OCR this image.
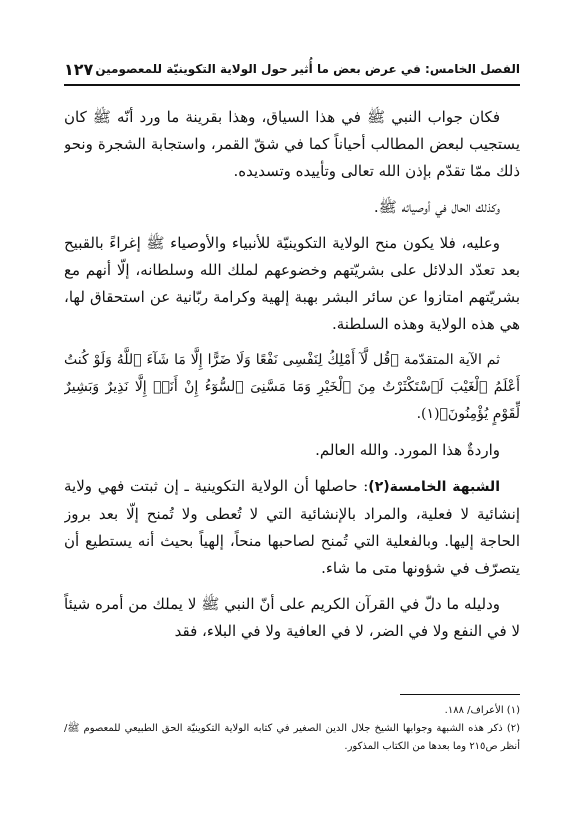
الفصل الخامس: في عرض بعض ما أُثير حول الولاية التكوينيّة للمعصومين
١٢٧

فكان جواب النبي ﷺ في هذا السياق، وهذا بقرينة ما ورد أنّه ﷺ كان يستجيب لبعض المطالب أحياناً كما في شقّ القمر، واستجابة الشجرة ونحو ذلك ممّا تقدّم بإذن الله تعالى وتأييده وتسديده.

وكذلك الحال في أوصيائه ﷺ.

وعليه، فلا يكون منح الولاية التكوينيّة للأنبياء والأوصياء ﷺ إغراءً بالقبيح بعد تعدّد الدلائل على بشريّتهم وخضوعهم لملك الله وسلطانه، إلّا أنهم مع بشريّتهم امتازوا عن سائر البشر بهبة إلهية وكرامة ربّانية عن استحقاق لها، هي هذه الولاية وهذه السلطنة.

ثم الآية المتقدّمة ﴿قُل لَّآ أَمْلِكُ لِنَفْسِى نَفْعًا وَلَا ضَرًّا إِلَّا مَا شَآءَ ٱللَّهُ وَلَوْ كُنتُ أَعْلَمُ ٱلْغَيْبَ لَٱسْتَكْثَرْتُ مِنَ ٱلْخَيْرِ وَمَا مَسَّنِىَ ٱلسُّوٓءُ إِنْ أَنَا۠ إِلَّا نَذِيرٌ وَبَشِيرٌ لِّقَوْمٍ يُؤْمِنُونَ﴾(١).

واردةٌ هذا المورد. والله العالم.

الشبهة الخامسة(٢): حاصلها أن الولاية التكوينية ـ إن ثبتت فهي ولاية إنشائية لا فعلية، والمراد بالإنشائية التي لا تُعطى ولا تُمنح إلّا بعد بروز الحاجة إليها. وبالفعلية التي تُمنح لصاحبها منحاً، إلهياً بحيث أنه يستطيع أن يتصرّف في شؤونها متى ما شاء.

ودليله ما دلّ في القرآن الكريم على أنّ النبي ﷺ لا يملك من أمره شيئاً لا في النفع ولا في الضر، لا في العافية ولا في البلاء، فقد

(١) الأعراف/ ١٨٨.

(٢) ذكر هذه الشبهة وجوابها الشيخ جلال الدين الصغير في كتابه الولاية التكوينيّة الحق الطبيعي للمعصوم ﷺ/ أنظر ص٢١٥ وما بعدها من الكتاب المذكور.
